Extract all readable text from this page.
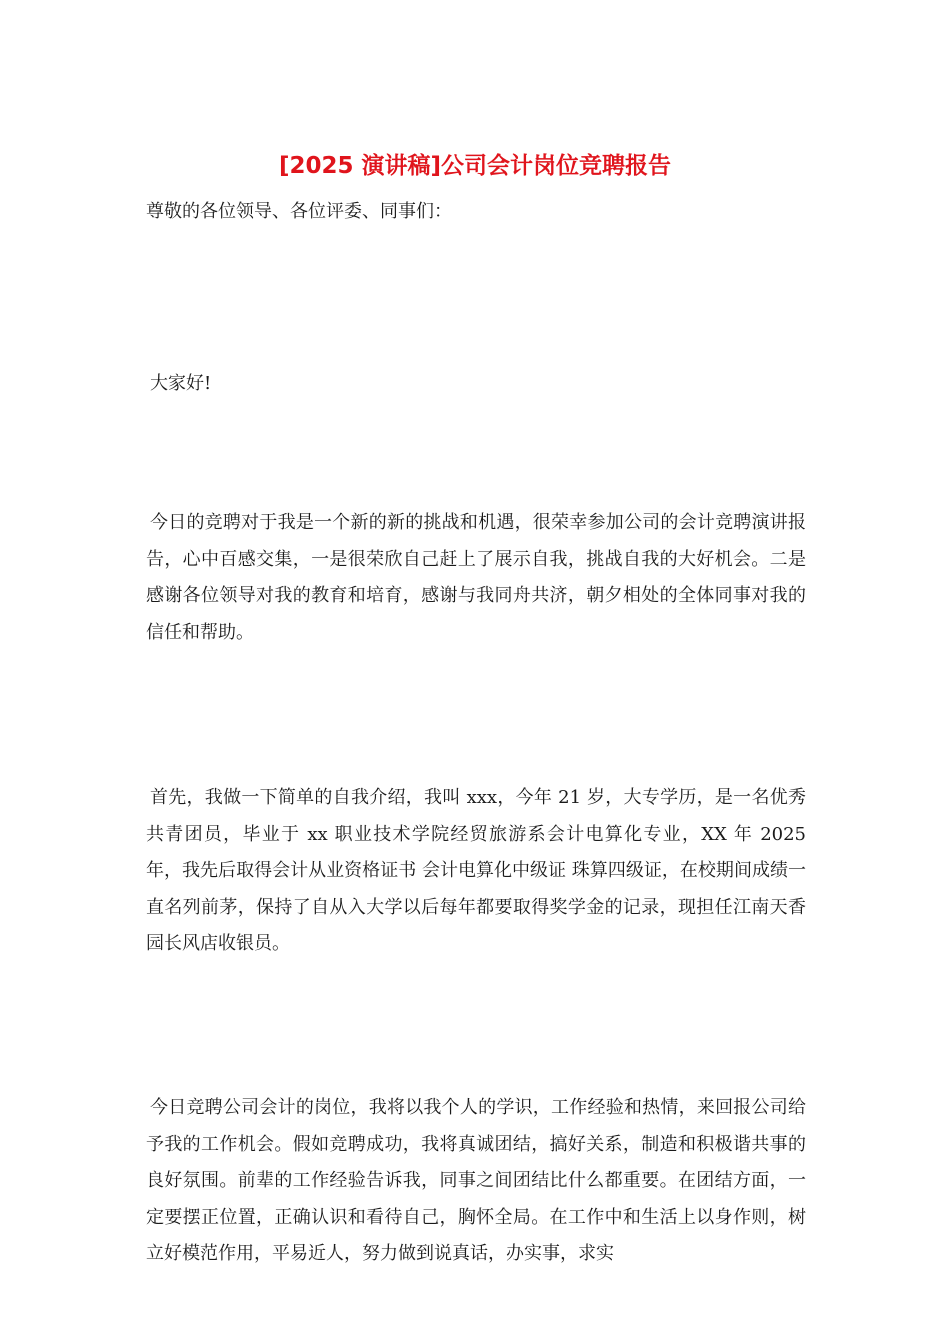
[2025 演讲稿]公司会计岗位竞聘报告

尊敬的各位领导、各位评委、同事们：

大家好!

今日的竞聘对于我是一个新的新的挑战和机遇，很荣幸参加公司的会计竞聘演讲报告，心中百感交集，一是很荣欣自己赶上了展示自我，挑战自我的大好机会。二是感谢各位领导对我的教育和培育，感谢与我同舟共济，朝夕相处的全体同事对我的信任和帮助。

首先，我做一下简单的自我介绍，我叫 xxx，今年 21 岁，大专学历，是一名优秀共青团员，毕业于 xx 职业技术学院经贸旅游系会计电算化专业，XX 年 2025 年，我先后取得会计从业资格证书 会计电算化中级证 珠算四级证，在校期间成绩一直名列前茅，保持了自从入大学以后每年都要取得奖学金的记录，现担任江南天香园长风店收银员。

今日竞聘公司会计的岗位，我将以我个人的学识，工作经验和热情，来回报公司给予我的工作机会。假如竞聘成功，我将真诚团结，搞好关系，制造和积极谐共事的良好氛围。前辈的工作经验告诉我，同事之间团结比什么都重要。在团结方面，一定要摆正位置，正确认识和看待自己，胸怀全局。在工作中和生活上以身作则，树立好模范作用，平易近人，努力做到说真话，办实事，求实
